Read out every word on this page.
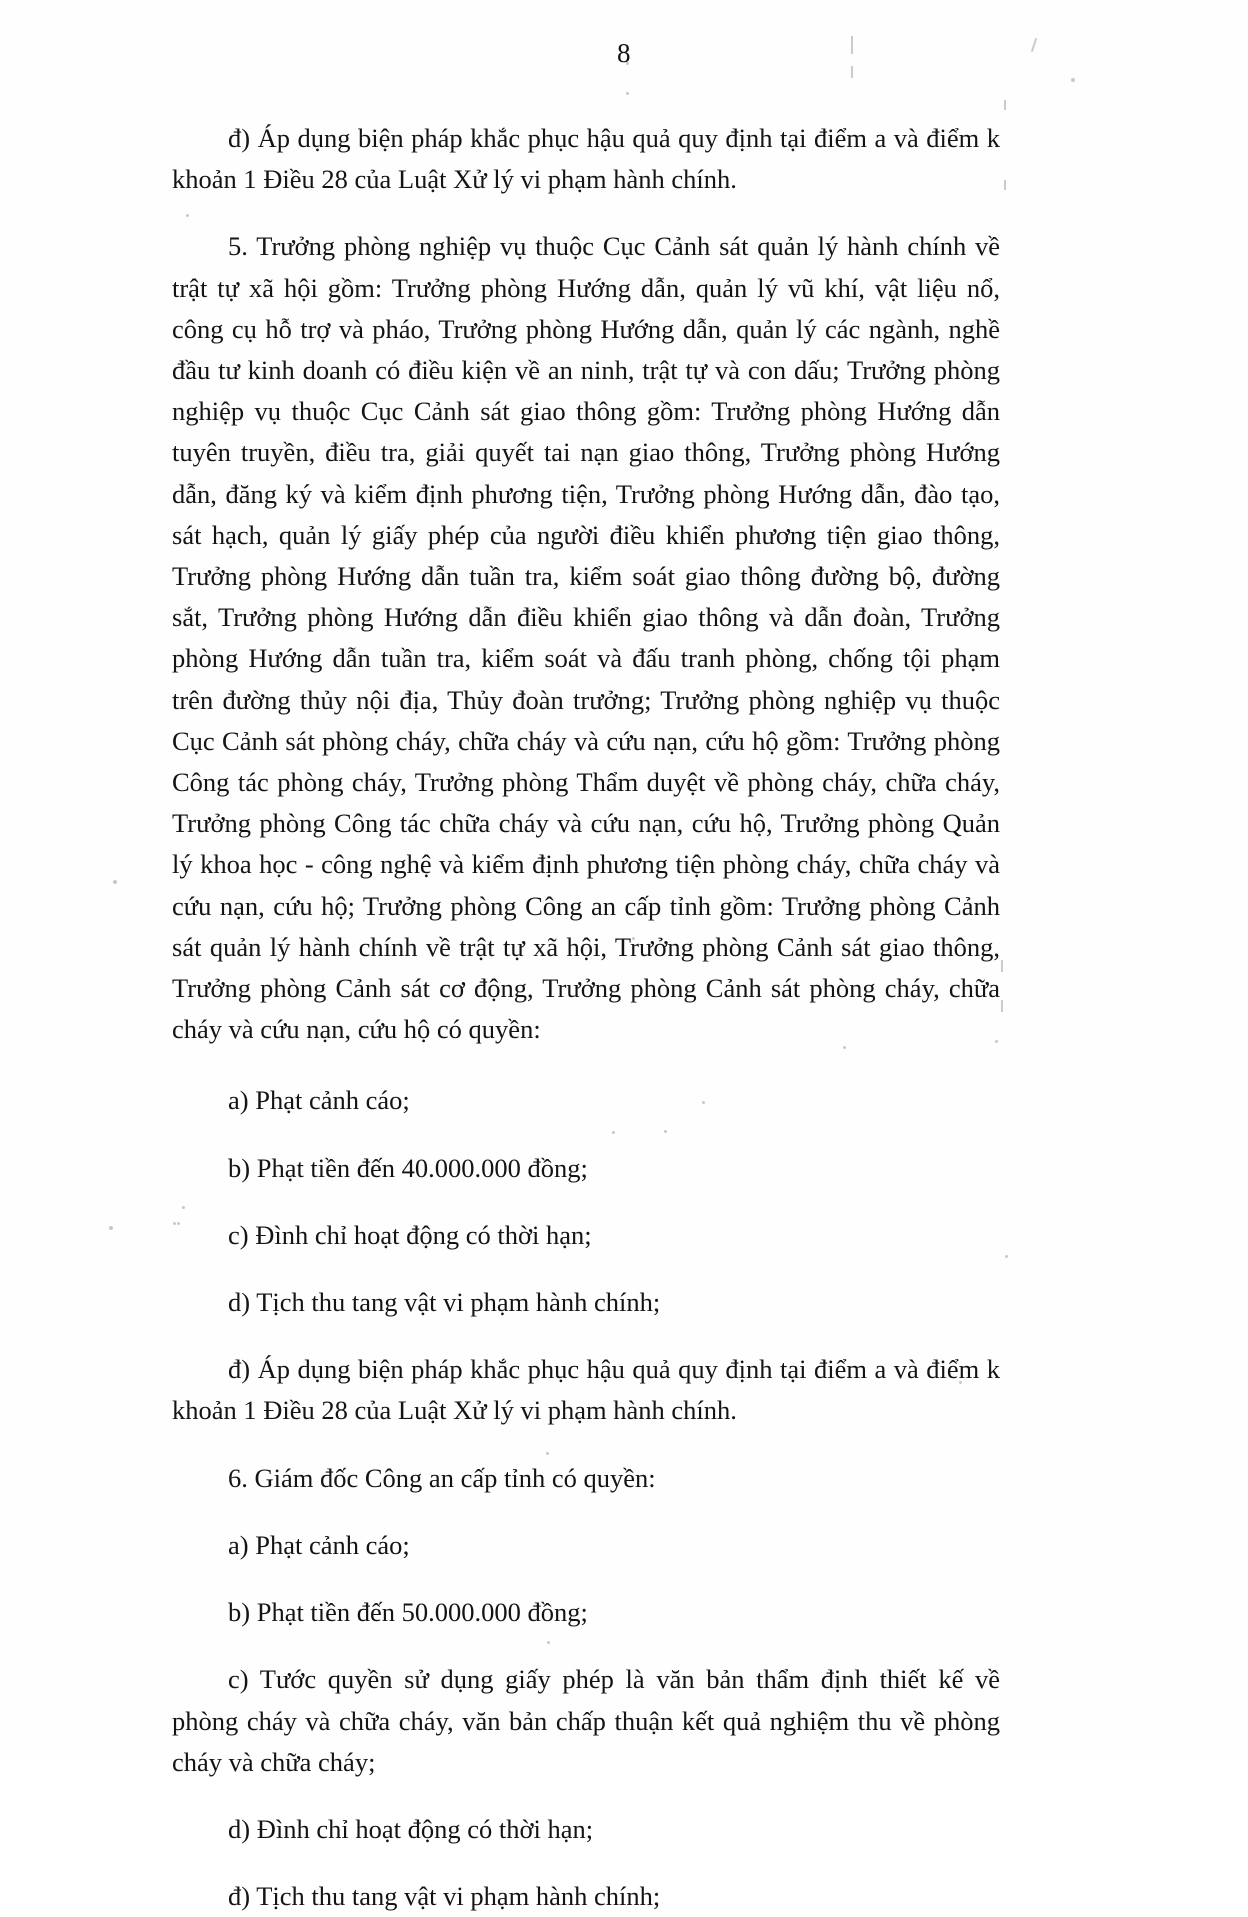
8

đ) Áp dụng biện pháp khắc phục hậu quả quy định tại điểm a và điểm k khoản 1 Điều 28 của Luật Xử lý vi phạm hành chính.

5. Trưởng phòng nghiệp vụ thuộc Cục Cảnh sát quản lý hành chính về trật tự xã hội gồm: Trưởng phòng Hướng dẫn, quản lý vũ khí, vật liệu nổ, công cụ hỗ trợ và pháo, Trưởng phòng Hướng dẫn, quản lý các ngành, nghề đầu tư kinh doanh có điều kiện về an ninh, trật tự và con dấu; Trưởng phòng nghiệp vụ thuộc Cục Cảnh sát giao thông gồm: Trưởng phòng Hướng dẫn tuyên truyền, điều tra, giải quyết tai nạn giao thông, Trưởng phòng Hướng dẫn, đăng ký và kiểm định phương tiện, Trưởng phòng Hướng dẫn, đào tạo, sát hạch, quản lý giấy phép của người điều khiển phương tiện giao thông, Trưởng phòng Hướng dẫn tuần tra, kiểm soát giao thông đường bộ, đường sắt, Trưởng phòng Hướng dẫn điều khiển giao thông và dẫn đoàn, Trưởng phòng Hướng dẫn tuần tra, kiểm soát và đấu tranh phòng, chống tội phạm trên đường thủy nội địa, Thủy đoàn trưởng; Trưởng phòng nghiệp vụ thuộc Cục Cảnh sát phòng cháy, chữa cháy và cứu nạn, cứu hộ gồm: Trưởng phòng Công tác phòng cháy, Trưởng phòng Thẩm duyệt về phòng cháy, chữa cháy, Trưởng phòng Công tác chữa cháy và cứu nạn, cứu hộ, Trưởng phòng Quản lý khoa học - công nghệ và kiểm định phương tiện phòng cháy, chữa cháy và cứu nạn, cứu hộ; Trưởng phòng Công an cấp tỉnh gồm: Trưởng phòng Cảnh sát quản lý hành chính về trật tự xã hội, Trưởng phòng Cảnh sát giao thông, Trưởng phòng Cảnh sát cơ động, Trưởng phòng Cảnh sát phòng cháy, chữa cháy và cứu nạn, cứu hộ có quyền:

a) Phạt cảnh cáo;

b) Phạt tiền đến 40.000.000 đồng;

c) Đình chỉ hoạt động có thời hạn;

d) Tịch thu tang vật vi phạm hành chính;

đ) Áp dụng biện pháp khắc phục hậu quả quy định tại điểm a và điểm k khoản 1 Điều 28 của Luật Xử lý vi phạm hành chính.

6. Giám đốc Công an cấp tỉnh có quyền:

a) Phạt cảnh cáo;

b) Phạt tiền đến 50.000.000 đồng;

c) Tước quyền sử dụng giấy phép là văn bản thẩm định thiết kế về phòng cháy và chữa cháy, văn bản chấp thuận kết quả nghiệm thu về phòng cháy và chữa cháy;

d) Đình chỉ hoạt động có thời hạn;

đ) Tịch thu tang vật vi phạm hành chính;
